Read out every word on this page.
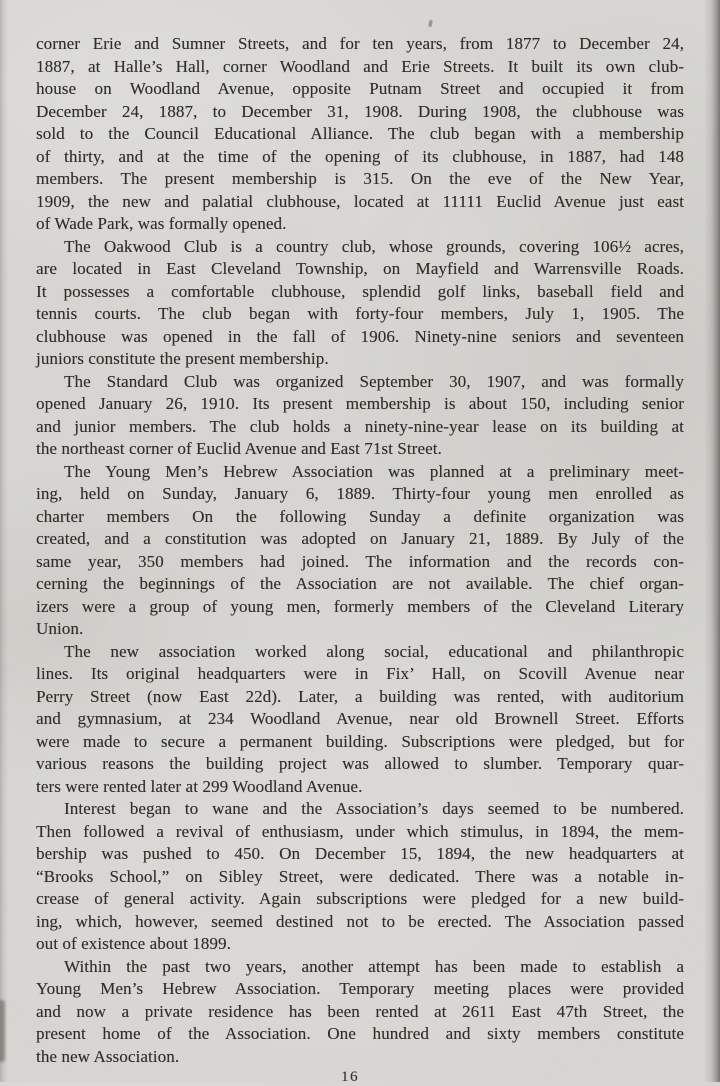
corner Erie and Sumner Streets, and for ten years, from 1877 to December 24,
1887, at Halle’s Hall, corner Woodland and Erie Streets. It built its own club-
house on Woodland Avenue, opposite Putnam Street and occupied it from
December 24, 1887, to December 31, 1908. During 1908, the clubhouse was
sold to the Council Educational Alliance. The club began with a membership
of thirty, and at the time of the opening of its clubhouse, in 1887, had 148
members. The present membership is 315. On the eve of the New Year,
1909, the new and palatial clubhouse, located at 11111 Euclid Avenue just east
of Wade Park, was formally opened.
The Oakwood Club is a country club, whose grounds, covering 106½ acres,
are located in East Cleveland Township, on Mayfield and Warrensville Roads.
It possesses a comfortable clubhouse, splendid golf links, baseball field and
tennis courts. The club began with forty-four members, July 1, 1905. The
clubhouse was opened in the fall of 1906. Ninety-nine seniors and seventeen
juniors constitute the present membership.
The Standard Club was organized September 30, 1907, and was formally
opened January 26, 1910. Its present membership is about 150, including senior
and junior members. The club holds a ninety-nine-year lease on its building at
the northeast corner of Euclid Avenue and East 71st Street.
The Young Men’s Hebrew Association was planned at a preliminary meet-
ing, held on Sunday, January 6, 1889. Thirty-four young men enrolled as
charter members On the following Sunday a definite organization was
created, and a constitution was adopted on January 21, 1889. By July of the
same year, 350 members had joined. The information and the records con-
cerning the beginnings of the Association are not available. The chief organ-
izers were a group of young men, formerly members of the Cleveland Literary
Union.
The new association worked along social, educational and philanthropic
lines. Its original headquarters were in Fix’ Hall, on Scovill Avenue near
Perry Street (now East 22d). Later, a building was rented, with auditorium
and gymnasium, at 234 Woodland Avenue, near old Brownell Street. Efforts
were made to secure a permanent building. Subscriptions were pledged, but for
various reasons the building project was allowed to slumber. Temporary quar-
ters were rented later at 299 Woodland Avenue.
Interest began to wane and the Association’s days seemed to be numbered.
Then followed a revival of enthusiasm, under which stimulus, in 1894, the mem-
bership was pushed to 450. On December 15, 1894, the new headquarters at
“Brooks School,” on Sibley Street, were dedicated. There was a notable in-
crease of general activity. Again subscriptions were pledged for a new build-
ing, which, however, seemed destined not to be erected. The Association passed
out of existence about 1899.
Within the past two years, another attempt has been made to establish a
Young Men’s Hebrew Association. Temporary meeting places were provided
and now a private residence has been rented at 2611 East 47th Street, the
present home of the Association. One hundred and sixty members constitute
the new Association.
16
